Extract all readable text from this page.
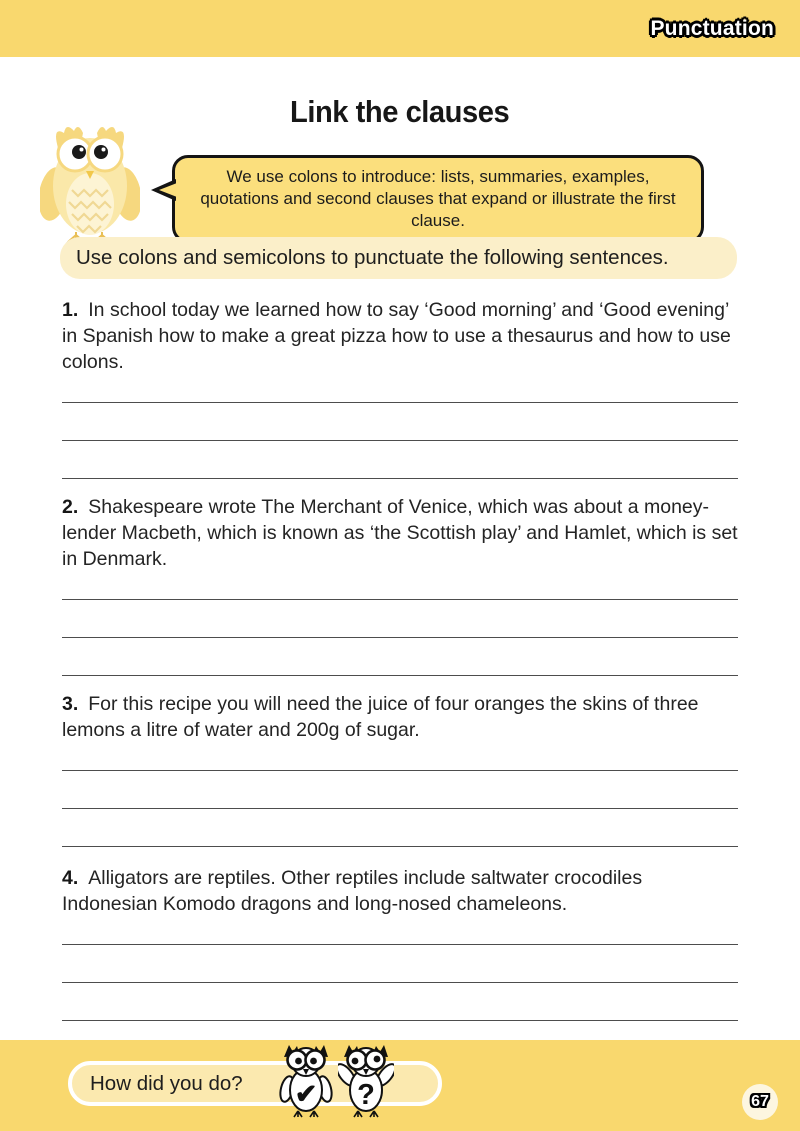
Punctuation
Link the clauses
We use colons to introduce: lists, summaries, examples, quotations and second clauses that expand or illustrate the first clause.
Use colons and semicolons to punctuate the following sentences.
1. In school today we learned how to say ‘Good morning’ and ‘Good evening’ in Spanish how to make a great pizza how to use a thesaurus and how to use colons.
2. Shakespeare wrote The Merchant of Venice, which was about a money-lender Macbeth, which is known as ‘the Scottish play’ and Hamlet, which is set in Denmark.
3. For this recipe you will need the juice of four oranges the skins of three lemons a litre of water and 200g of sugar.
4. Alligators are reptiles. Other reptiles include saltwater crocodiles Indonesian Komodo dragons and long-nosed chameleons.
How did you do? ✔ ?	67
